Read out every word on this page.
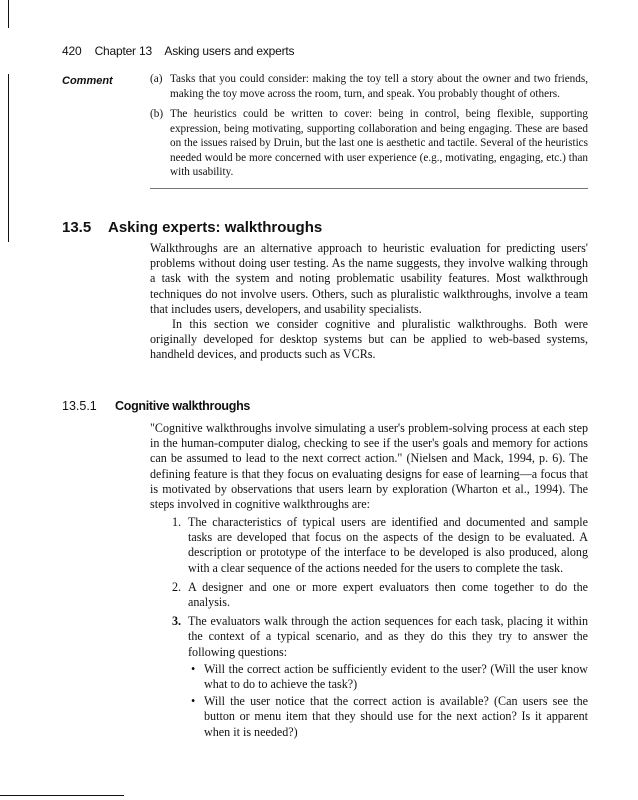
420 Chapter 13 Asking users and experts
Comment	(a) Tasks that you could consider: making the toy tell a story about the owner and two friends, making the toy move across the room, turn, and speak. You probably thought of others.
(b) The heuristics could be written to cover: being in control, being flexible, supporting expression, being motivating, supporting collaboration and being engaging. These are based on the issues raised by Druin, but the last one is aesthetic and tactile. Several of the heuristics needed would be more concerned with user experience (e.g., motivating, engaging, etc.) than with usability.
13.5 Asking experts: walkthroughs

Walkthroughs are an alternative approach to heuristic evaluation for predicting users' problems without doing user testing. As the name suggests, they involve walking through a task with the system and noting problematic usability features. Most walkthrough techniques do not involve users. Others, such as pluralistic walkthroughs, involve a team that includes users, developers, and usability specialists.

In this section we consider cognitive and pluralistic walkthroughs. Both were originally developed for desktop systems but can be applied to web-based systems, handheld devices, and products such as VCRs.

13.5.1 Cognitive walkthroughs

"Cognitive walkthroughs involve simulating a user's problem-solving process at each step in the human-computer dialog, checking to see if the user's goals and memory for actions can be assumed to lead to the next correct action." (Nielsen and Mack, 1994, p. 6). The defining feature is that they focus on evaluating designs for ease of learning—a focus that is motivated by observations that users learn by exploration (Wharton et al., 1994). The steps involved in cognitive walkthroughs are:

1. The characteristics of typical users are identified and documented and sample tasks are developed that focus on the aspects of the design to be evaluated. A description or prototype of the interface to be developed is also produced, along with a clear sequence of the actions needed for the users to complete the task.
2. A designer and one or more expert evaluators then come together to do the analysis.
3. The evaluators walk through the action sequences for each task, placing it within the context of a typical scenario, and as they do this they try to answer the following questions:
• Will the correct action be sufficiently evident to the user? (Will the user know what to do to achieve the task?)
• Will the user notice that the correct action is available? (Can users see the button or menu item that they should use for the next action? Is it apparent when it is needed?)
